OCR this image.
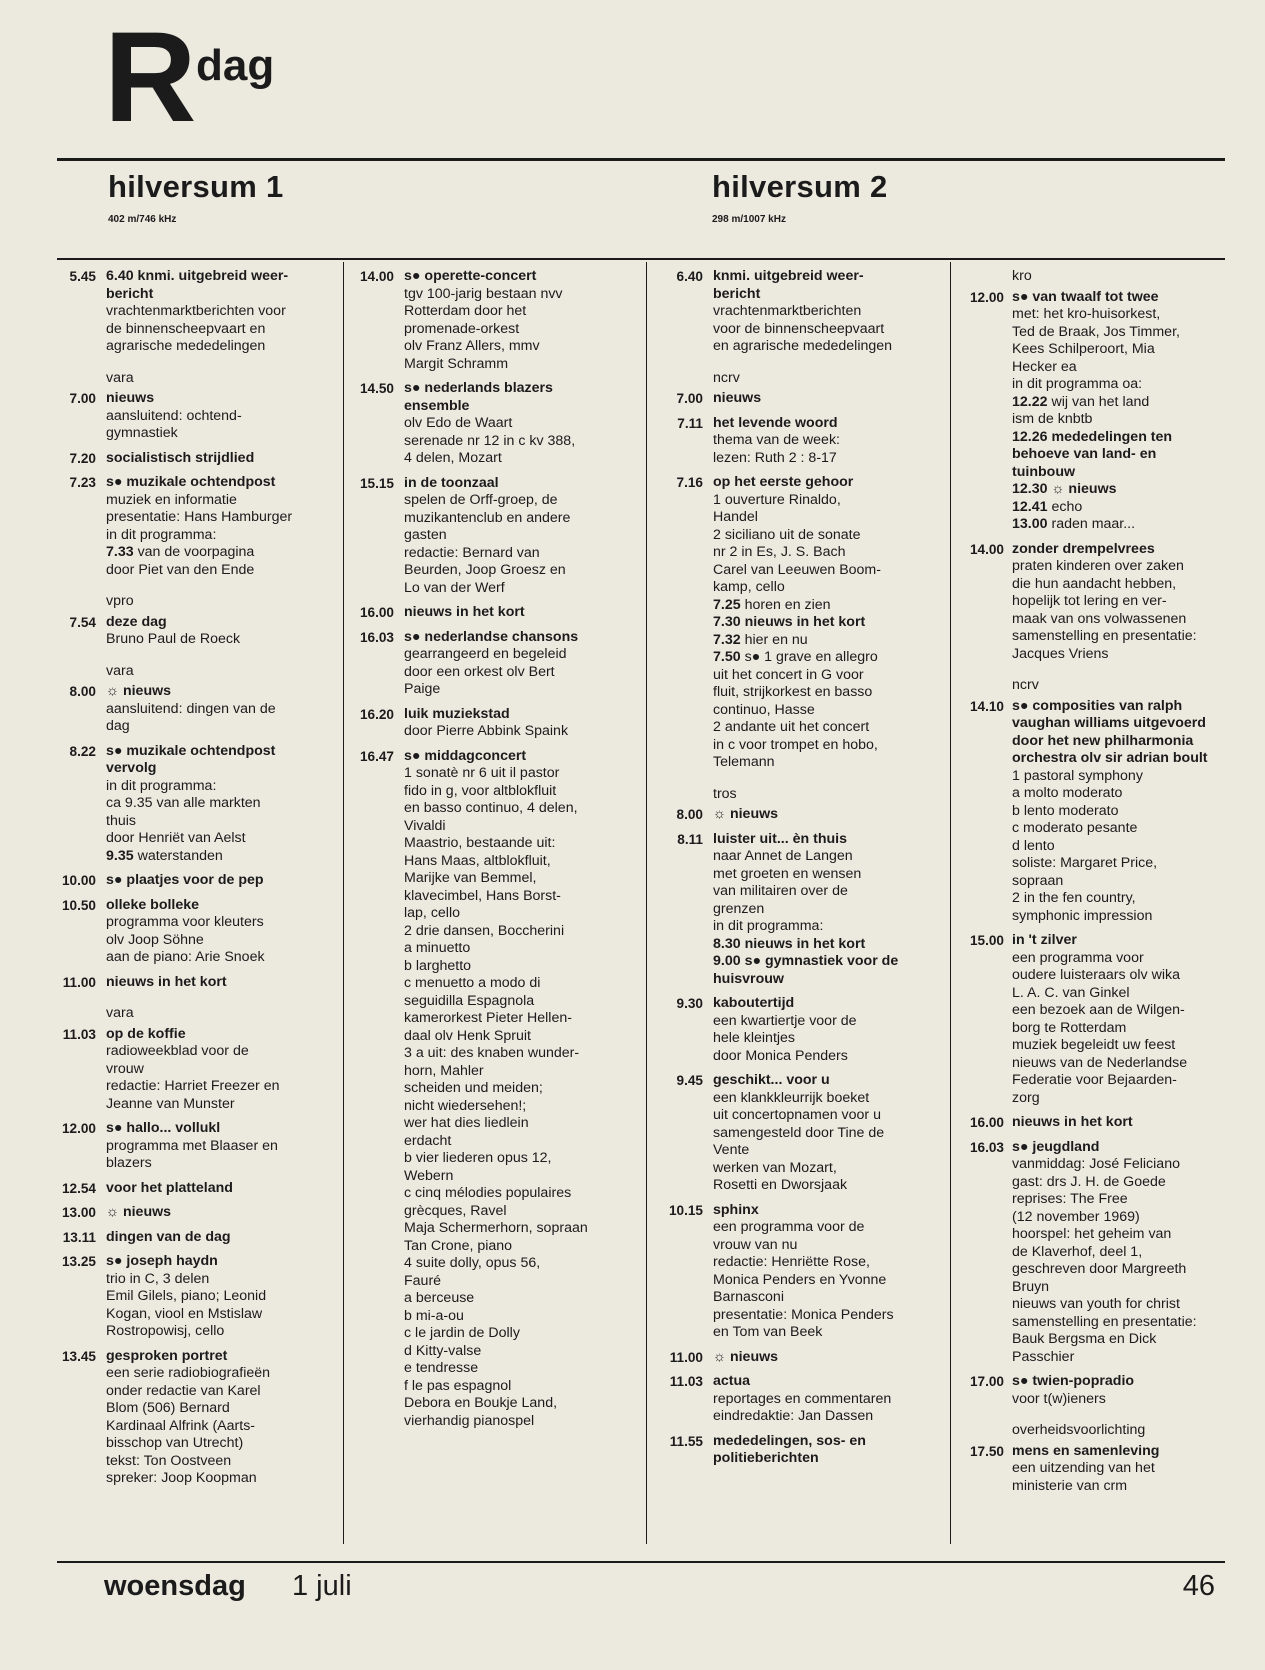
R dag
hilversum 1
402 m/746 kHz
hilversum 2
298 m/1007 kHz
5.45 6.40 knmi. uitgebreid weer-
bericht
vrachtenmarktberichten voor
de binnenscheepvaart en
agrarische mededelingen
vara
7.00 nieuws
aansluitend: ochtend-
gymnastiek
7.20 socialistisch strijdlied
7.23 s● muzikale ochtendpost
muziek en informatie
presentatie: Hans Hamburger
in dit programma:
7.33 van de voorpagina
door Piet van den Ende
vpro
7.54 deze dag
Bruno Paul de Roeck
vara
8.00 ☼ nieuws
aansluitend: dingen van de
dag
8.22 s● muzikale ochtendpost
vervolg
in dit programma:
ca 9.35 van alle markten
thuis
door Henriët van Aelst
9.35 waterstanden
10.00 s● plaatjes voor de pep
10.50 olleke bolleke
programma voor kleuters
olv Joop Söhne
aan de piano: Arie Snoek
11.00 nieuws in het kort
vara
11.03 op de koffie
radioweekblad voor de
vrouw
redactie: Harriet Freezer en
Jeanne van Munster
12.00 s● hallo... vollukl
programma met Blaaser en
blazers
12.54 voor het platteland
13.00 ☼ nieuws
13.11 dingen van de dag
13.25 s● joseph haydn
trio in C, 3 delen
Emil Gilels, piano; Leonid
Kogan, viool en Mstislaw
Rostropowisj, cello
13.45 gesproken portret
een serie radiobiografieën
onder redactie van Karel
Blom (506) Bernard
Kardinaal Alfrink (Aarts-
bisschop van Utrecht)
tekst: Ton Oostveen
spreker: Joop Koopman
14.00 s● operette-concert
tgv 100-jarig bestaan nvv
Rotterdam door het
promenade-orkest
olv Franz Allers, mmv
Margit Schramm
14.50 s● nederlands blazers
ensemble
olv Edo de Waart
serenade nr 12 in c kv 388,
4 delen, Mozart
15.15 in de toonzaal
spelen de Orff-groep, de
muzikantenclub en andere
gasten
redactie: Bernard van
Beurden, Joop Groesz en
Lo van der Werf
16.00 nieuws in het kort
16.03 s● nederlandse chansons
gearrangeerd en begeleid
door een orkest olv Bert
Paige
16.20 luik muziekstad
door Pierre Abbink Spaink
16.47 s● middagconcert
1 sonatè nr 6 uit il pastor
fido in g, voor altblokfluit
en basso continuo, 4 delen,
Vivaldi
Maastrio, bestaande uit:
Hans Maas, altblokfluit,
Marijke van Bemmel,
klavecimbel, Hans Borst-
lap, cello
2 drie dansen, Boccherini
a minuetto
b larghetto
c menuetto a modo di
seguidilla Espagnola
kamerorkest Pieter Hellen-
daal olv Henk Spruit
3 a uit: des knaben wunder-
horn, Mahler
scheiden und meiden;
nicht wiedersehen!;
wer hat dies liedlein
erdacht
b vier liederen opus 12,
Webern
c cinq mélodies populaires
grècques, Ravel
Maja Schermerhorn, sopraan
Tan Crone, piano
4 suite dolly, opus 56,
Fauré
a berceuse
b mi-a-ou
c le jardin de Dolly
d Kitty-valse
e tendresse
f le pas espagnol
Debora en Boukje Land,
vierhandig pianospel
6.40 knmi. uitgebreid weer-
bericht
vrachtenmarktberichten
voor de binnenscheepvaart
en agrarische mededelingen
ncrv
7.00 nieuws
7.11 het levende woord
thema van de week:
lezen: Ruth 2 : 8-17
7.16 op het eerste gehoor
1 ouverture Rinaldo,
Handel
2 siciliano uit de sonate
nr 2 in Es, J. S. Bach
Carel van Leeuwen Boom-
kamp, cello
7.25 horen en zien
7.30 nieuws in het kort
7.32 hier en nu
7.50 s● 1 grave en allegro
uit het concert in G voor
fluit, strijkorkest en basso
continuo, Hasse
2 andante uit het concert
in c voor trompet en hobo,
Telemann
tros
8.00 ☼ nieuws
8.11 luister uit... èn thuis
naar Annet de Langen
met groeten en wensen
van militairen over de
grenzen
in dit programma:
8.30 nieuws in het kort
9.00 s● gymnastiek voor de
huisvrouw
9.30 kaboutertijd
een kwartiertje voor de
hele kleintjes
door Monica Penders
9.45 geschikt... voor u
een klankkleurrijk boeket
uit concertopnamen voor u
samengesteld door Tine de
Vente
werken van Mozart,
Rosetti en Dworsjaak
10.15 sphinx
een programma voor de
vrouw van nu
redactie: Henriëtte Rose,
Monica Penders en Yvonne
Barnasconi
presentatie: Monica Penders
en Tom van Beek
11.00 ☼ nieuws
11.03 actua
reportages en commentaren
eindredaktie: Jan Dassen
11.55 mededelingen, sos- en
politieberichten
kro
12.00 s● van twaalf tot twee
met: het kro-huisorkest,
Ted de Braak, Jos Timmer,
Kees Schilperoort, Mia
Hecker ea
in dit programma oa:
12.22 wij van het land
ism de knbtb
12.26 mededelingen ten
behoeve van land- en
tuinbouw
12.30 ☼ nieuws
12.41 echo
13.00 raden maar...
14.00 zonder drempelvrees
praten kinderen over zaken
die hun aandacht hebben,
hopelijk tot lering en ver-
maak van ons volwassenen
samenstelling en presentatie:
Jacques Vriens
ncrv
14.10 s● composities van ralph
vaughan williams uitgevoerd
door het new philharmonia
orchestra olv sir adrian boult
1 pastoral symphony
a molto moderato
b lento moderato
c moderato pesante
d lento
soliste: Margaret Price,
sopraan
2 in the fen country,
symphonic impression
15.00 in 't zilver
een programma voor
oudere luisteraars olv wika
L. A. C. van Ginkel
een bezoek aan de Wilgen-
borg te Rotterdam
muziek begeleidt uw feest
nieuws van de Nederlandse
Federatie voor Bejaarden-
zorg
16.00 nieuws in het kort
16.03 s● jeugdland
vanmiddag: José Feliciano
gast: drs J. H. de Goede
reprises: The Free
(12 november 1969)
hoorspel: het geheim van
de Klaverhof, deel 1,
geschreven door Margreeth
Bruyn
nieuws van youth for christ
samenstelling en presentatie:
Bauk Bergsma en Dick
Passchier
17.00 s● twien-popradio
voor t(w)ieners
overheidsvoorlichting
17.50 mens en samenleving
een uitzending van het
ministerie van crm
woensdag 1 juli	46
